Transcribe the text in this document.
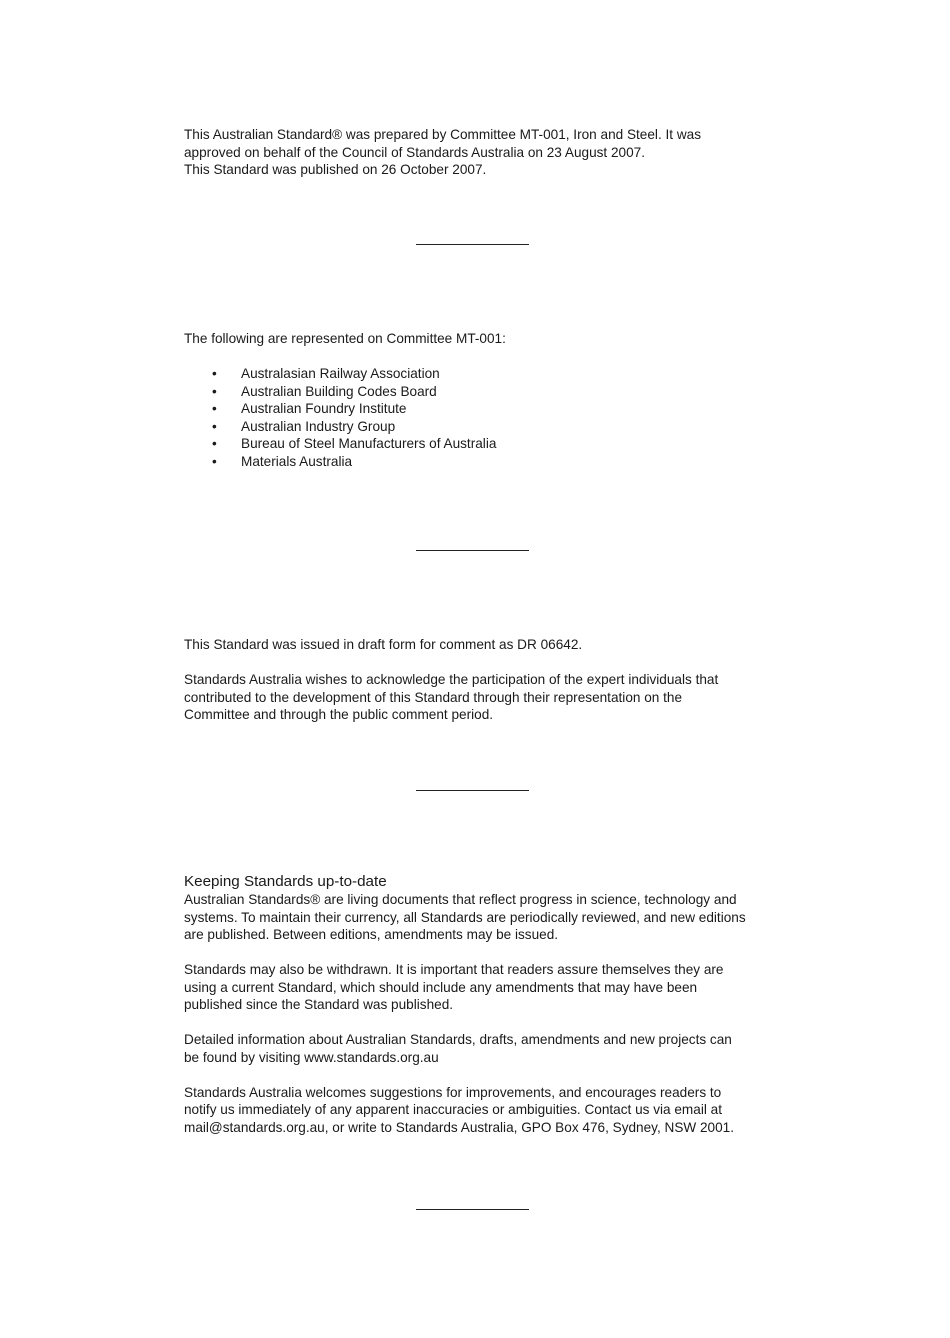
This Australian Standard® was prepared by Committee MT-001, Iron and Steel. It was

approved on behalf of the Council of Standards Australia on 23 August 2007.

This Standard was published on 26 October 2007.

The following are represented on Committee MT-001:

• Australasian Railway Association
• Australian Building Codes Board
• Australian Foundry Institute
• Australian Industry Group
• Bureau of Steel Manufacturers of Australia
• Materials Australia

This Standard was issued in draft form for comment as DR 06642.

Standards Australia wishes to acknowledge the participation of the expert individuals that

contributed to the development of this Standard through their representation on the

Committee and through the public comment period.

Keeping Standards up-to-date

Australian Standards® are living documents that reflect progress in science, technology and

systems. To maintain their currency, all Standards are periodically reviewed, and new editions

are published. Between editions, amendments may be issued.

Standards may also be withdrawn. It is important that readers assure themselves they are

using a current Standard, which should include any amendments that may have been

published since the Standard was published.

Detailed information about Australian Standards, drafts, amendments and new projects can

be found by visiting www.standards.org.au

Standards Australia welcomes suggestions for improvements, and encourages readers to

notify us immediately of any apparent inaccuracies or ambiguities. Contact us via email at

mail@standards.org.au, or write to Standards Australia, GPO Box 476, Sydney, NSW 2001.
